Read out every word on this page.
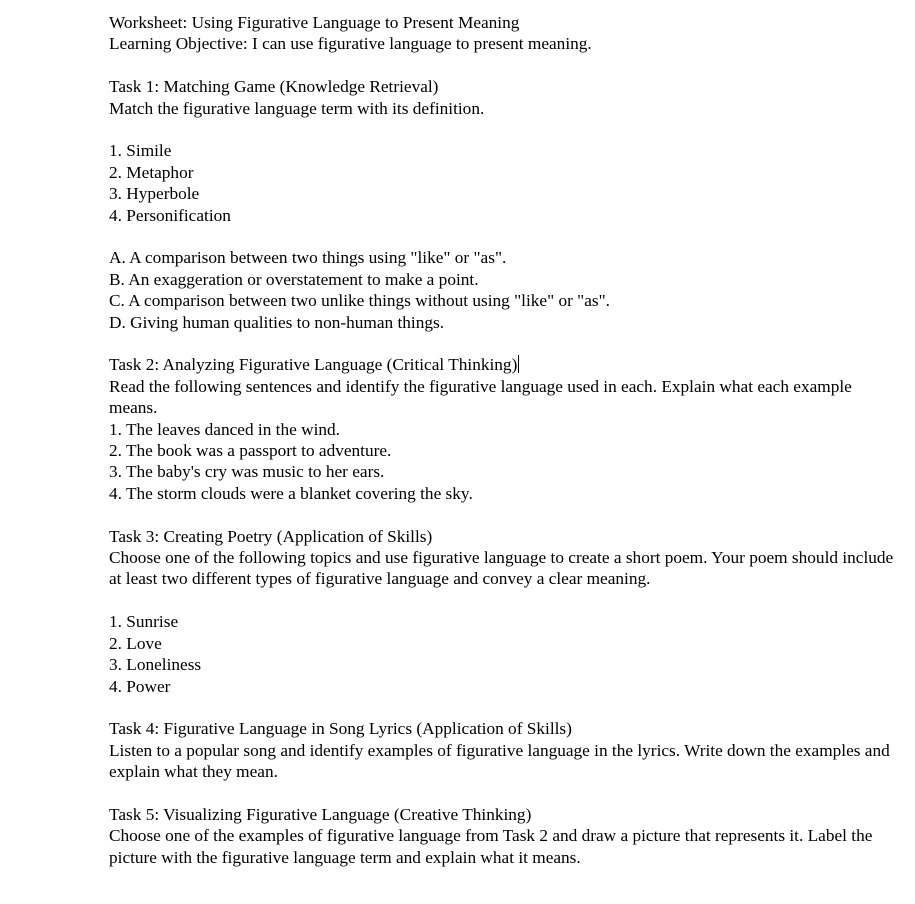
Worksheet: Using Figurative Language to Present Meaning
Learning Objective: I can use figurative language to present meaning.
Task 1: Matching Game (Knowledge Retrieval)
Match the figurative language term with its definition.
1. Simile
2. Metaphor
3. Hyperbole
4. Personification
A. A comparison between two things using "like" or "as".
B. An exaggeration or overstatement to make a point.
C. A comparison between two unlike things without using "like" or "as".
D. Giving human qualities to non-human things.
Task 2: Analyzing Figurative Language (Critical Thinking)
Read the following sentences and identify the figurative language used in each. Explain what each example means.
1. The leaves danced in the wind.
2. The book was a passport to adventure.
3. The baby's cry was music to her ears.
4. The storm clouds were a blanket covering the sky.
Task 3: Creating Poetry (Application of Skills)
Choose one of the following topics and use figurative language to create a short poem. Your poem should include at least two different types of figurative language and convey a clear meaning.
1. Sunrise
2. Love
3. Loneliness
4. Power
Task 4: Figurative Language in Song Lyrics (Application of Skills)
Listen to a popular song and identify examples of figurative language in the lyrics. Write down the examples and explain what they mean.
Task 5: Visualizing Figurative Language (Creative Thinking)
Choose one of the examples of figurative language from Task 2 and draw a picture that represents it. Label the picture with the figurative language term and explain what it means.
